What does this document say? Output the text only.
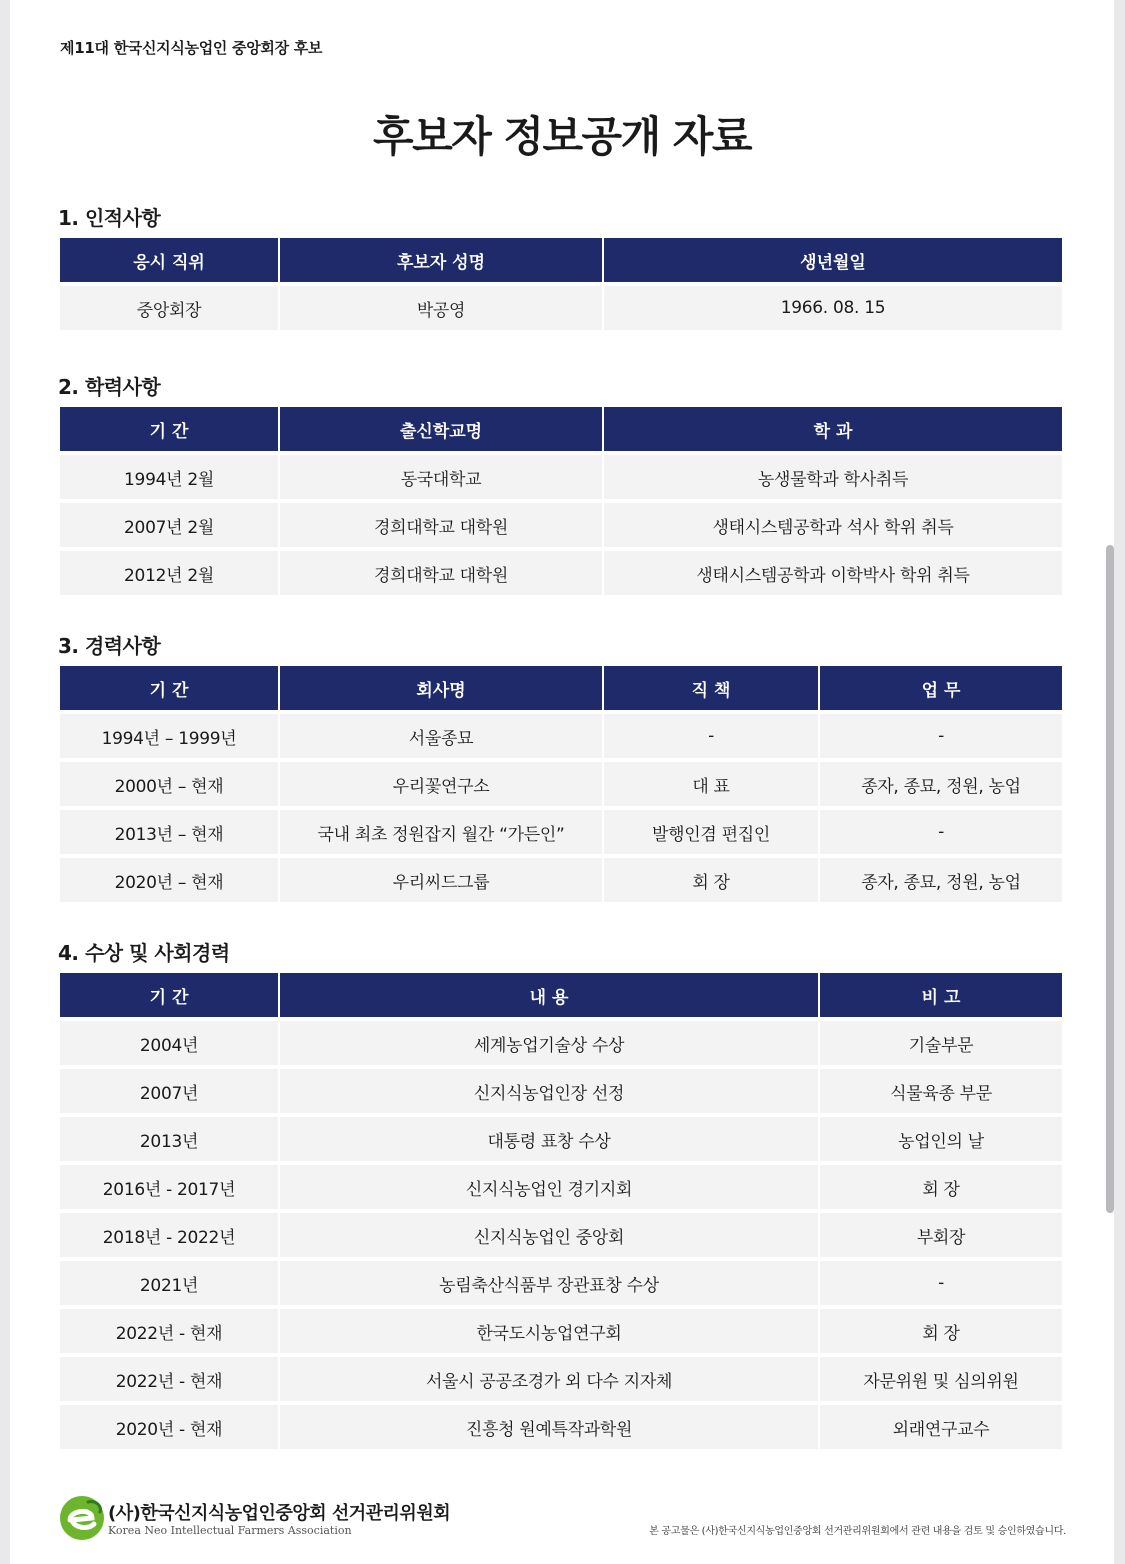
제11대 한국신지식농업인 중앙회장 후보
후보자 정보공개 자료
1. 인적사항
응시 직위	후보자 성명	생년월일
중앙회장	박공영	1966. 08. 15
2. 학력사항
기 간	출신학교명	학 과
1994년 2월	동국대학교	농생물학과 학사취득
2007년 2월	경희대학교 대학원	생태시스템공학과 석사 학위 취득
2012년 2월	경희대학교 대학원	생태시스템공학과 이학박사 학위 취득
3. 경력사항
기 간	회사명	직 책	업 무
1994년 – 1999년	서울종묘	-	-
2000년 – 현재	우리꽃연구소	대 표	종자, 종묘, 정원, 농업
2013년 – 현재	국내 최초 정원잡지 월간 “가든인”	발행인겸 편집인	-
2020년 – 현재	우리씨드그룹	회 장	종자, 종묘, 정원, 농업
4. 수상 및 사회경력
기 간	내 용	비 고
2004년	세계농업기술상 수상	기술부문
2007년	신지식농업인장 선정	식물육종 부문
2013년	대통령 표창 수상	농업인의 날
2016년 - 2017년	신지식농업인 경기지회	회 장
2018년 - 2022년	신지식농업인 중앙회	부회장
2021년	농림축산식품부 장관표창 수상	-
2022년 - 현재	한국도시농업연구회	회 장
2022년 - 현재	서울시 공공조경가 외 다수 지자체	자문위원 및 심의위원
2020년 - 현재	진흥청 원예특작과학원	외래연구교수
(사)한국신지식농업인중앙회 선거관리위원회
Korea Neo Intellectual Farmers Association	본 공고물은 (사)한국신지식농업인중앙회 선거관리위원회에서 관련 내용을 검토 및 승인하였습니다.
